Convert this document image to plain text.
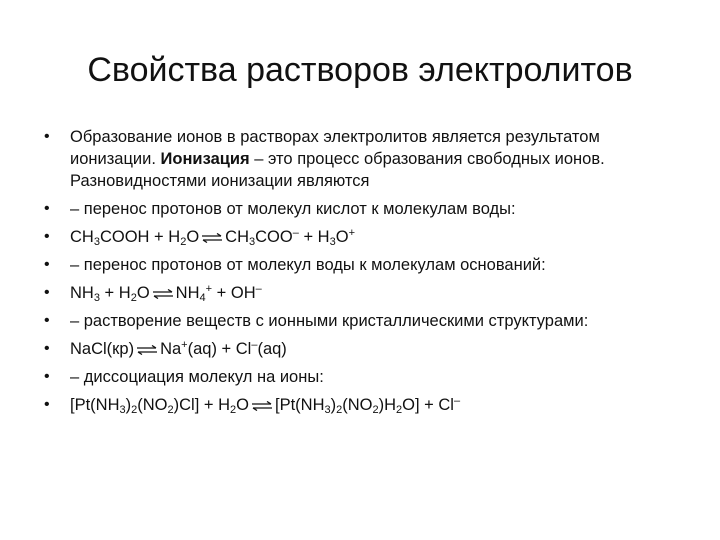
Свойства растворов электролитов
•	Образование ионов в растворах электролитов является результатом
ионизации. Ионизация – это процесс образования свободных ионов.
Разновидностями ионизации являются
•	– перенос протонов от молекул кислот к молекулам воды:
•	$CH_3COOH + H_2O$ ⇌ $CH_3COO^- + H_3O^+$
•	– перенос протонов от молекул воды к молекулам оснований:
•	$NH_3 + H_2O$ ⇌ $NH_4^+ + OH^-$
•	– растворение веществ с ионными кристаллическими структурами:
•	NaCl(кр) ⇌ Na+(aq) + Cl–(aq)
•	– диссоциация молекул на ионы:
•	$[Pt(NH_3)_2(NO_2)Cl] + H_2O$ ⇌ $[Pt(NH_3)_2(NO_2)H_2O] + Cl^-$
